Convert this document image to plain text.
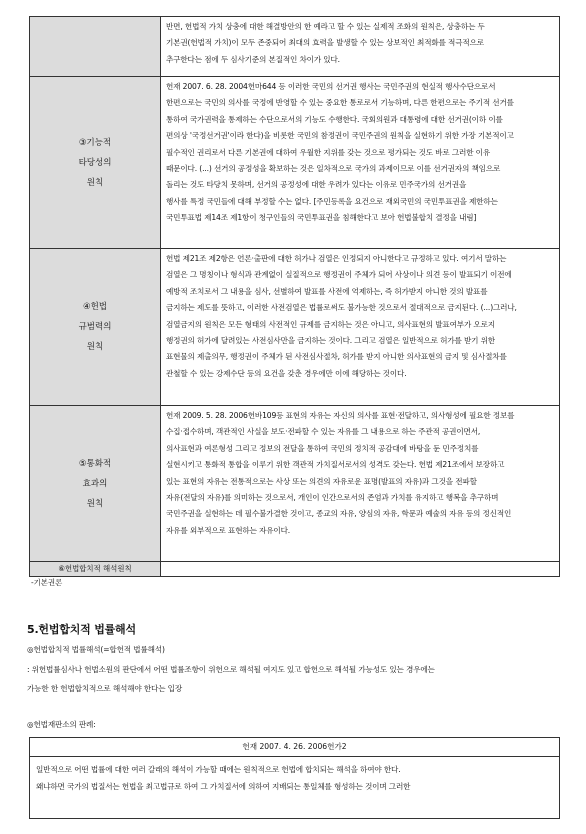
반면, 헌법적 가치 상충에 대한 해결방안의 한 예라고 할 수 있는 실제적 조화의 원칙은, 상충하는 두
기본권(헌법적 가치)이 모두 존중되어 최대의 효력을 발생할 수 있는 상보적인 최적화를 적극적으로
추구한다는 점에 두 심사기준의 본질적인 차이가 있다.
③기능적
타당성의
원칙
헌재 2007. 6. 28. 2004헌마644 등 이러한 국민의 선거권 행사는 국민주권의 현실적 행사수단으로서
한편으로는 국민의 의사를 국정에 반영할 수 있는 중요한 통로로서 기능하며, 다른 한편으로는 주기적 선거를
통하여 국가권력을 통제하는 수단으로서의 기능도 수행한다. 국회의원과 대통령에 대한 선거권(이하 이를
편의상 '국정선거권'이라 한다)을 비롯한 국민의 참정권이 국민주권의 원칙을 실현하기 위한 가장 기본적이고
필수적인 권리로서 다른 기본권에 대하여 우월한 지위를 갖는 것으로 평가되는 것도 바로 그러한 이유
때문이다. (...) 선거의 공정성을 확보하는 것은 일차적으로 국가의 과제이므로 이를 선거권자의 책임으로
돌리는 것도 타당치 못하며, 선거의 공정성에 대한 우려가 있다는 이유로 민주국가의 선거권을
행사를 특정 국민들에 대해 부정할 수는 없다. [주민등록을 요건으로 재외국민의 국민투표권을 제한하는
국민투표법 제14조 제1항이 청구인들의 국민투표권을 침해한다고 보아 헌법불합치 결정을 내림]
④헌법
규범력의
원칙
헌법 제21조 제2항은 언론·출판에 대한 허가나 검열은 인정되지 아니한다고 규정하고 있다. 여기서 말하는
검열은 그 명칭이나 형식과 관계없이 실질적으로 행정권이 주체가 되어 사상이나 의견 등이 발표되기 이전에
예방적 조치로서 그 내용을 심사, 선별하여 발표를 사전에 억제하는, 즉 허가받지 아니한 것의 발표를
금지하는 제도를 뜻하고, 이러한 사전검열은 법률로써도 불가능한 것으로서 절대적으로 금지된다. (...)그러나,
검열금지의 원칙은 모든 형태의 사전적인 규제를 금지하는 것은 아니고, 의사표현의 발표여부가 오로지
행정권의 허가에 달려있는 사전심사만을 금지하는 것이다. 그리고 검열은 일반적으로 허가를 받기 위한
표현물의 제출의무, 행정권이 주체가 된 사전심사절차, 허가를 받지 아니한 의사표현의 금지 및 심사절차를
관철할 수 있는 강제수단 등의 요건을 갖춘 경우에만 이에 해당하는 것이다.
⑤통화적
효과의
원칙
헌재 2009. 5. 28. 2006헌바109등 표현의 자유는 자신의 의사를 표현·전달하고, 의사형성에 필요한 정보를
수집·접수하며, 객관적인 사실을 보도·전파할 수 있는 자유를 그 내용으로 하는 주관적 공권이면서,
의사표현과 여론형성 그리고 정보의 전달을 통하여 국민의 정치적 공감대에 바탕을 둔 민주정치를
실현시키고 통화적 통합을 이루기 위한 객관적 가치질서로서의 성격도 갖는다. 헌법 제21조에서 보장하고
있는 표현의 자유는 전통적으로는 사상 또는 의견의 자유로운 표명(발표의 자유)과 그것을 전파할
자유(전달의 자유)를 의미하는 것으로서, 개인이 인간으로서의 존엄과 가치를 유지하고 행복을 추구하며
국민주권을 실현하는 데 필수불가결한 것이고, 종교의 자유, 양심의 자유, 학문과 예술의 자유 등의 정신적인
자유를 외부적으로 표현하는 자유이다.
⑥헌법합치적 해석원칙
-기본권론
5.헌법합치적 법률해석
◎헌법합치적 법률해석(=합헌적 법률해석)
: 위헌법률심사나 헌법소원의 판단에서 어떤 법률조항이 위헌으로 해석될 여지도 있고 합헌으로 해석될 가능성도 있는 경우에는
가능한 한 헌법합치적으로 해석해야 한다는 입장
◎헌법재판소의 판례:
헌재 2007. 4. 26. 2006헌가2
일반적으로 어떤 법률에 대한 여러 갈래의 해석이 가능할 때에는 원칙적으로 헌법에 합치되는 해석을 하여야 한다.
왜냐하면 국가의 법질서는 헌법을 최고법규로 하여 그 가치질서에 의하여 지배되는 통일체를 형성하는 것이며 그러한
